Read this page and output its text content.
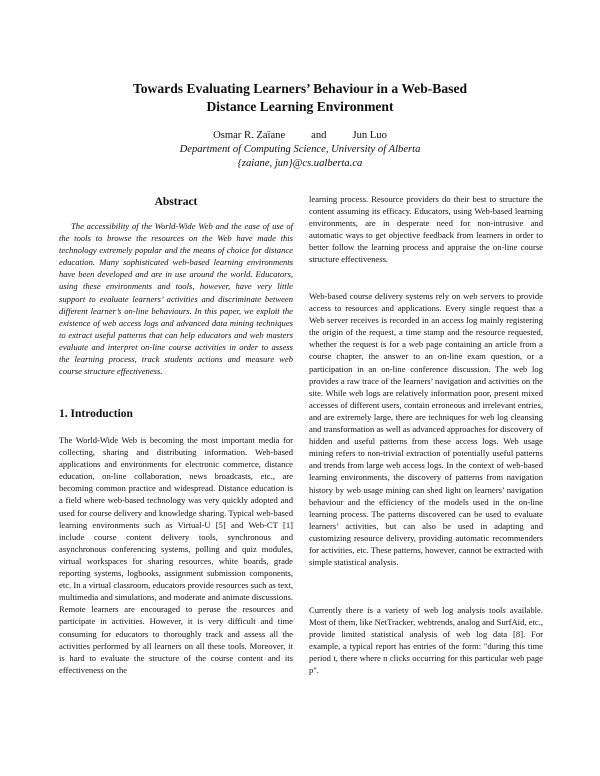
Towards Evaluating Learners’ Behaviour in a Web-Based
Distance Learning Environment
Osmar R. Zaïane and Jun Luo
Department of Computing Science, University of Alberta
{zaiane, jun}@cs.ualberta.ca
Abstract
The accessibility of the World-Wide Web and the ease of use of the tools to browse the resources on the Web have made this technology extremely popular and the means of choice for distance education. Many sophisticated web-based learning environments have been developed and are in use around the world. Educators, using these environments and tools, however, have very little support to evaluate learners’ activities and discriminate between different learner’s on-line behaviours. In this paper, we exploit the existence of web access logs and advanced data mining techniques to extract useful patterns that can help educators and web masters evaluate and interpret on-line course activities in order to assess the learning process, track students actions and measure web course structure effectiveness.
1. Introduction
The World-Wide Web is becoming the most important media for collecting, sharing and distributing information. Web-based applications and environments for electronic commerce, distance education, on-line collaboration, news broadcasts, etc., are becoming common practice and widespread. Distance education is a field where web-based technology was very quickly adopted and used for course delivery and knowledge sharing. Typical web-based learning environments such as Virtual-U [5] and Web-CT [1] include course content delivery tools, synchronous and asynchronous conferencing systems, polling and quiz modules, virtual workspaces for sharing resources, white boards, grade reporting systems, logbooks, assignment submission components, etc. In a virtual classroom, educators provide resources such as text, multimedia and simulations, and moderate and animate discussions. Remote learners are encouraged to peruse the resources and participate in activities. However, it is very difficult and time consuming for educators to thoroughly track and assess all the activities performed by all learners on all these tools. Moreover, it is hard to evaluate the structure of the course content and its effectiveness on the
learning process. Resource providers do their best to structure the content assuming its efficacy. Educators, using Web-based learning environments, are in desperate need for non-intrusive and automatic ways to get objective feedback from learners in order to better follow the learning process and appraise the on-line course structure effectiveness.
Web-based course delivery systems rely on web servers to provide access to resources and applications. Every single request that a Web server receives is recorded in an access log mainly registering the origin of the request, a time stamp and the resource requested, whether the request is for a web page containing an article from a course chapter, the answer to an on-line exam question, or a participation in an on-line conference discussion. The web log provides a raw trace of the learners’ navigation and activities on the site. While web logs are relatively information poor, present mixed accesses of different users, contain erroneous and irrelevant entries, and are extremely large, there are techniques for web log cleansing and transformation as well as advanced approaches for discovery of hidden and useful patterns from these access logs. Web usage mining refers to non-trivial extraction of potentially useful patterns and trends from large web access logs. In the context of web-based learning environments, the discovery of patterns from navigation history by web usage mining can shed light on learners’ navigation behaviour and the efficiency of the models used in the on-line learning process. The patterns discovered can be used to evaluate learners’ activities, but can also be used in adapting and customizing resource delivery, providing automatic recommenders for activities, etc. These patterns, however, cannot be extracted with simple statistical analysis.
Currently there is a variety of web log analysis tools available. Most of them, like NetTracker, webtrends, analog and SurfAid, etc., provide limited statistical analysis of web log data [8]. For example, a typical report has entries of the form: "during this time period t, there where n clicks occurring for this particular web page p".
